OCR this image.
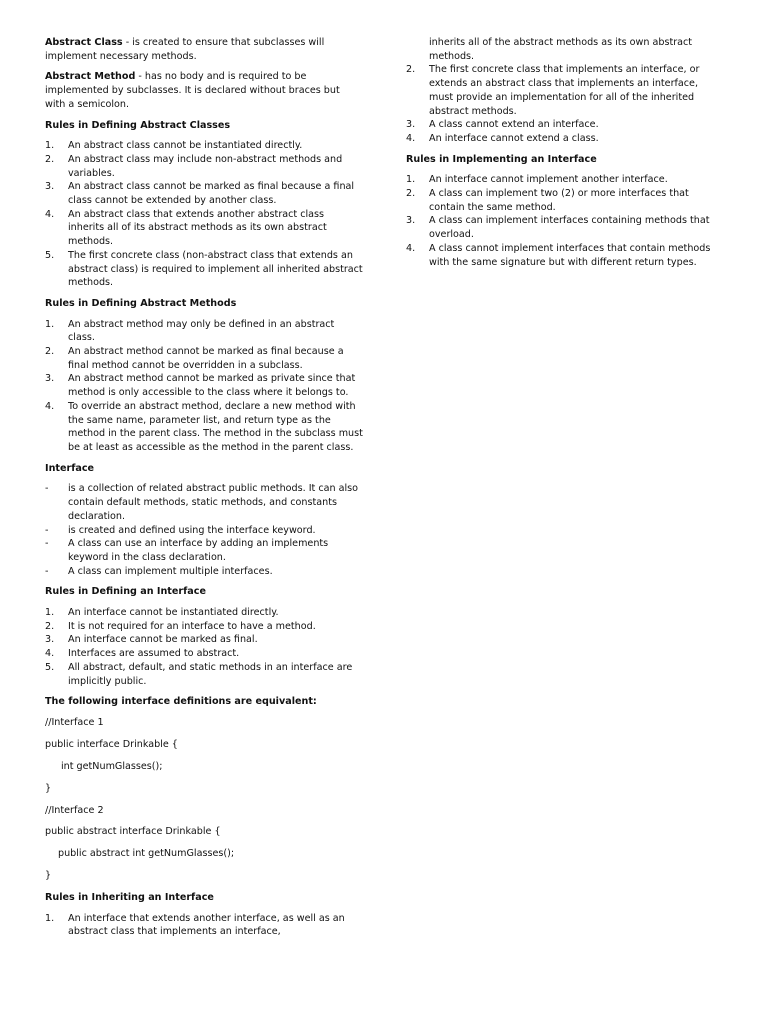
Abstract Class - is created to ensure that subclasses will implement necessary methods.

Abstract Method - has no body and is required to be implemented by subclasses. It is declared without braces but with a semicolon.

Rules in Defining Abstract Classes
1. An abstract class cannot be instantiated directly.
2. An abstract class may include non-abstract methods and variables.
3. An abstract class cannot be marked as final because a final class cannot be extended by another class.
4. An abstract class that extends another abstract class inherits all of its abstract methods as its own abstract methods.
5. The first concrete class (non-abstract class that extends an abstract class) is required to implement all inherited abstract methods.
Rules in Defining Abstract Methods
1. An abstract method may only be defined in an abstract class.
2. An abstract method cannot be marked as final because a final method cannot be overridden in a subclass.
3. An abstract method cannot be marked as private since that method is only accessible to the class where it belongs to.
4. To override an abstract method, declare a new method with the same name, parameter list, and return type as the method in the parent class. The method in the subclass must be at least as accessible as the method in the parent class.
Interface
- is a collection of related abstract public methods. It can also contain default methods, static methods, and constants declaration.
- is created and defined using the interface keyword.
- A class can use an interface by adding an implements keyword in the class declaration.
- A class can implement multiple interfaces.
Rules in Defining an Interface
1. An interface cannot be instantiated directly.
2. It is not required for an interface to have a method.
3. An interface cannot be marked as final.
4. Interfaces are assumed to abstract.
5. All abstract, default, and static methods in an interface are implicitly public.
The following interface definitions are equivalent:
//Interface 1
public interface Drinkable {
int getNumGlasses();
}
//Interface 2
public abstract interface Drinkable {
public abstract int getNumGlasses();
}
Rules in Inheriting an Interface
1. An interface that extends another interface, as well as an abstract class that implements an interface,
inherits all of the abstract methods as its own abstract methods.
2. The first concrete class that implements an interface, or extends an abstract class that implements an interface, must provide an implementation for all of the inherited abstract methods.
3. A class cannot extend an interface.
4. An interface cannot extend a class.
Rules in Implementing an Interface
1. An interface cannot implement another interface.
2. A class can implement two (2) or more interfaces that contain the same method.
3. A class can implement interfaces containing methods that overload.
4. A class cannot implement interfaces that contain methods with the same signature but with different return types.
